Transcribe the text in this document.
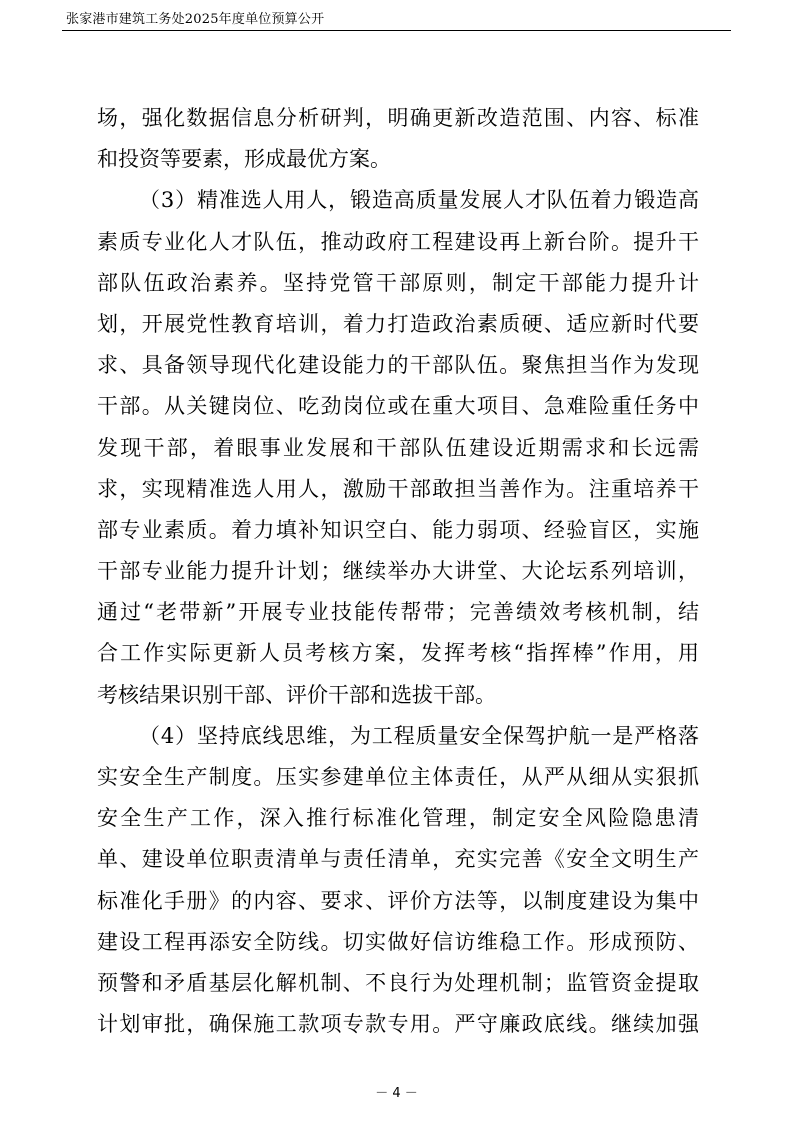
张家港市建筑工务处2025年度单位预算公开
场，强化数据信息分析研判，明确更新改造范围、内容、标准
和投资等要素，形成最优方案。
（3）精准选人用人，锻造高质量发展人才队伍着力锻造高
素质专业化人才队伍，推动政府工程建设再上新台阶。提升干
部队伍政治素养。坚持党管干部原则，制定干部能力提升计
划，开展党性教育培训，着力打造政治素质硬、适应新时代要
求、具备领导现代化建设能力的干部队伍。聚焦担当作为发现
干部。从关键岗位、吃劲岗位或在重大项目、急难险重任务中
发现干部，着眼事业发展和干部队伍建设近期需求和长远需
求，实现精准选人用人，激励干部敢担当善作为。注重培养干
部专业素质。着力填补知识空白、能力弱项、经验盲区，实施
干部专业能力提升计划；继续举办大讲堂、大论坛系列培训，
通过“老带新”开展专业技能传帮带；完善绩效考核机制，结
合工作实际更新人员考核方案，发挥考核“指挥棒”作用，用
考核结果识别干部、评价干部和选拔干部。
（4）坚持底线思维，为工程质量安全保驾护航一是严格落
实安全生产制度。压实参建单位主体责任，从严从细从实狠抓
安全生产工作，深入推行标准化管理，制定安全风险隐患清
单、建设单位职责清单与责任清单，充实完善《安全文明生产
标准化手册》的内容、要求、评价方法等，以制度建设为集中
建设工程再添安全防线。切实做好信访维稳工作。形成预防、
预警和矛盾基层化解机制、不良行为处理机制；监管资金提取
计划审批，确保施工款项专款专用。严守廉政底线。继续加强
－ 4 －
